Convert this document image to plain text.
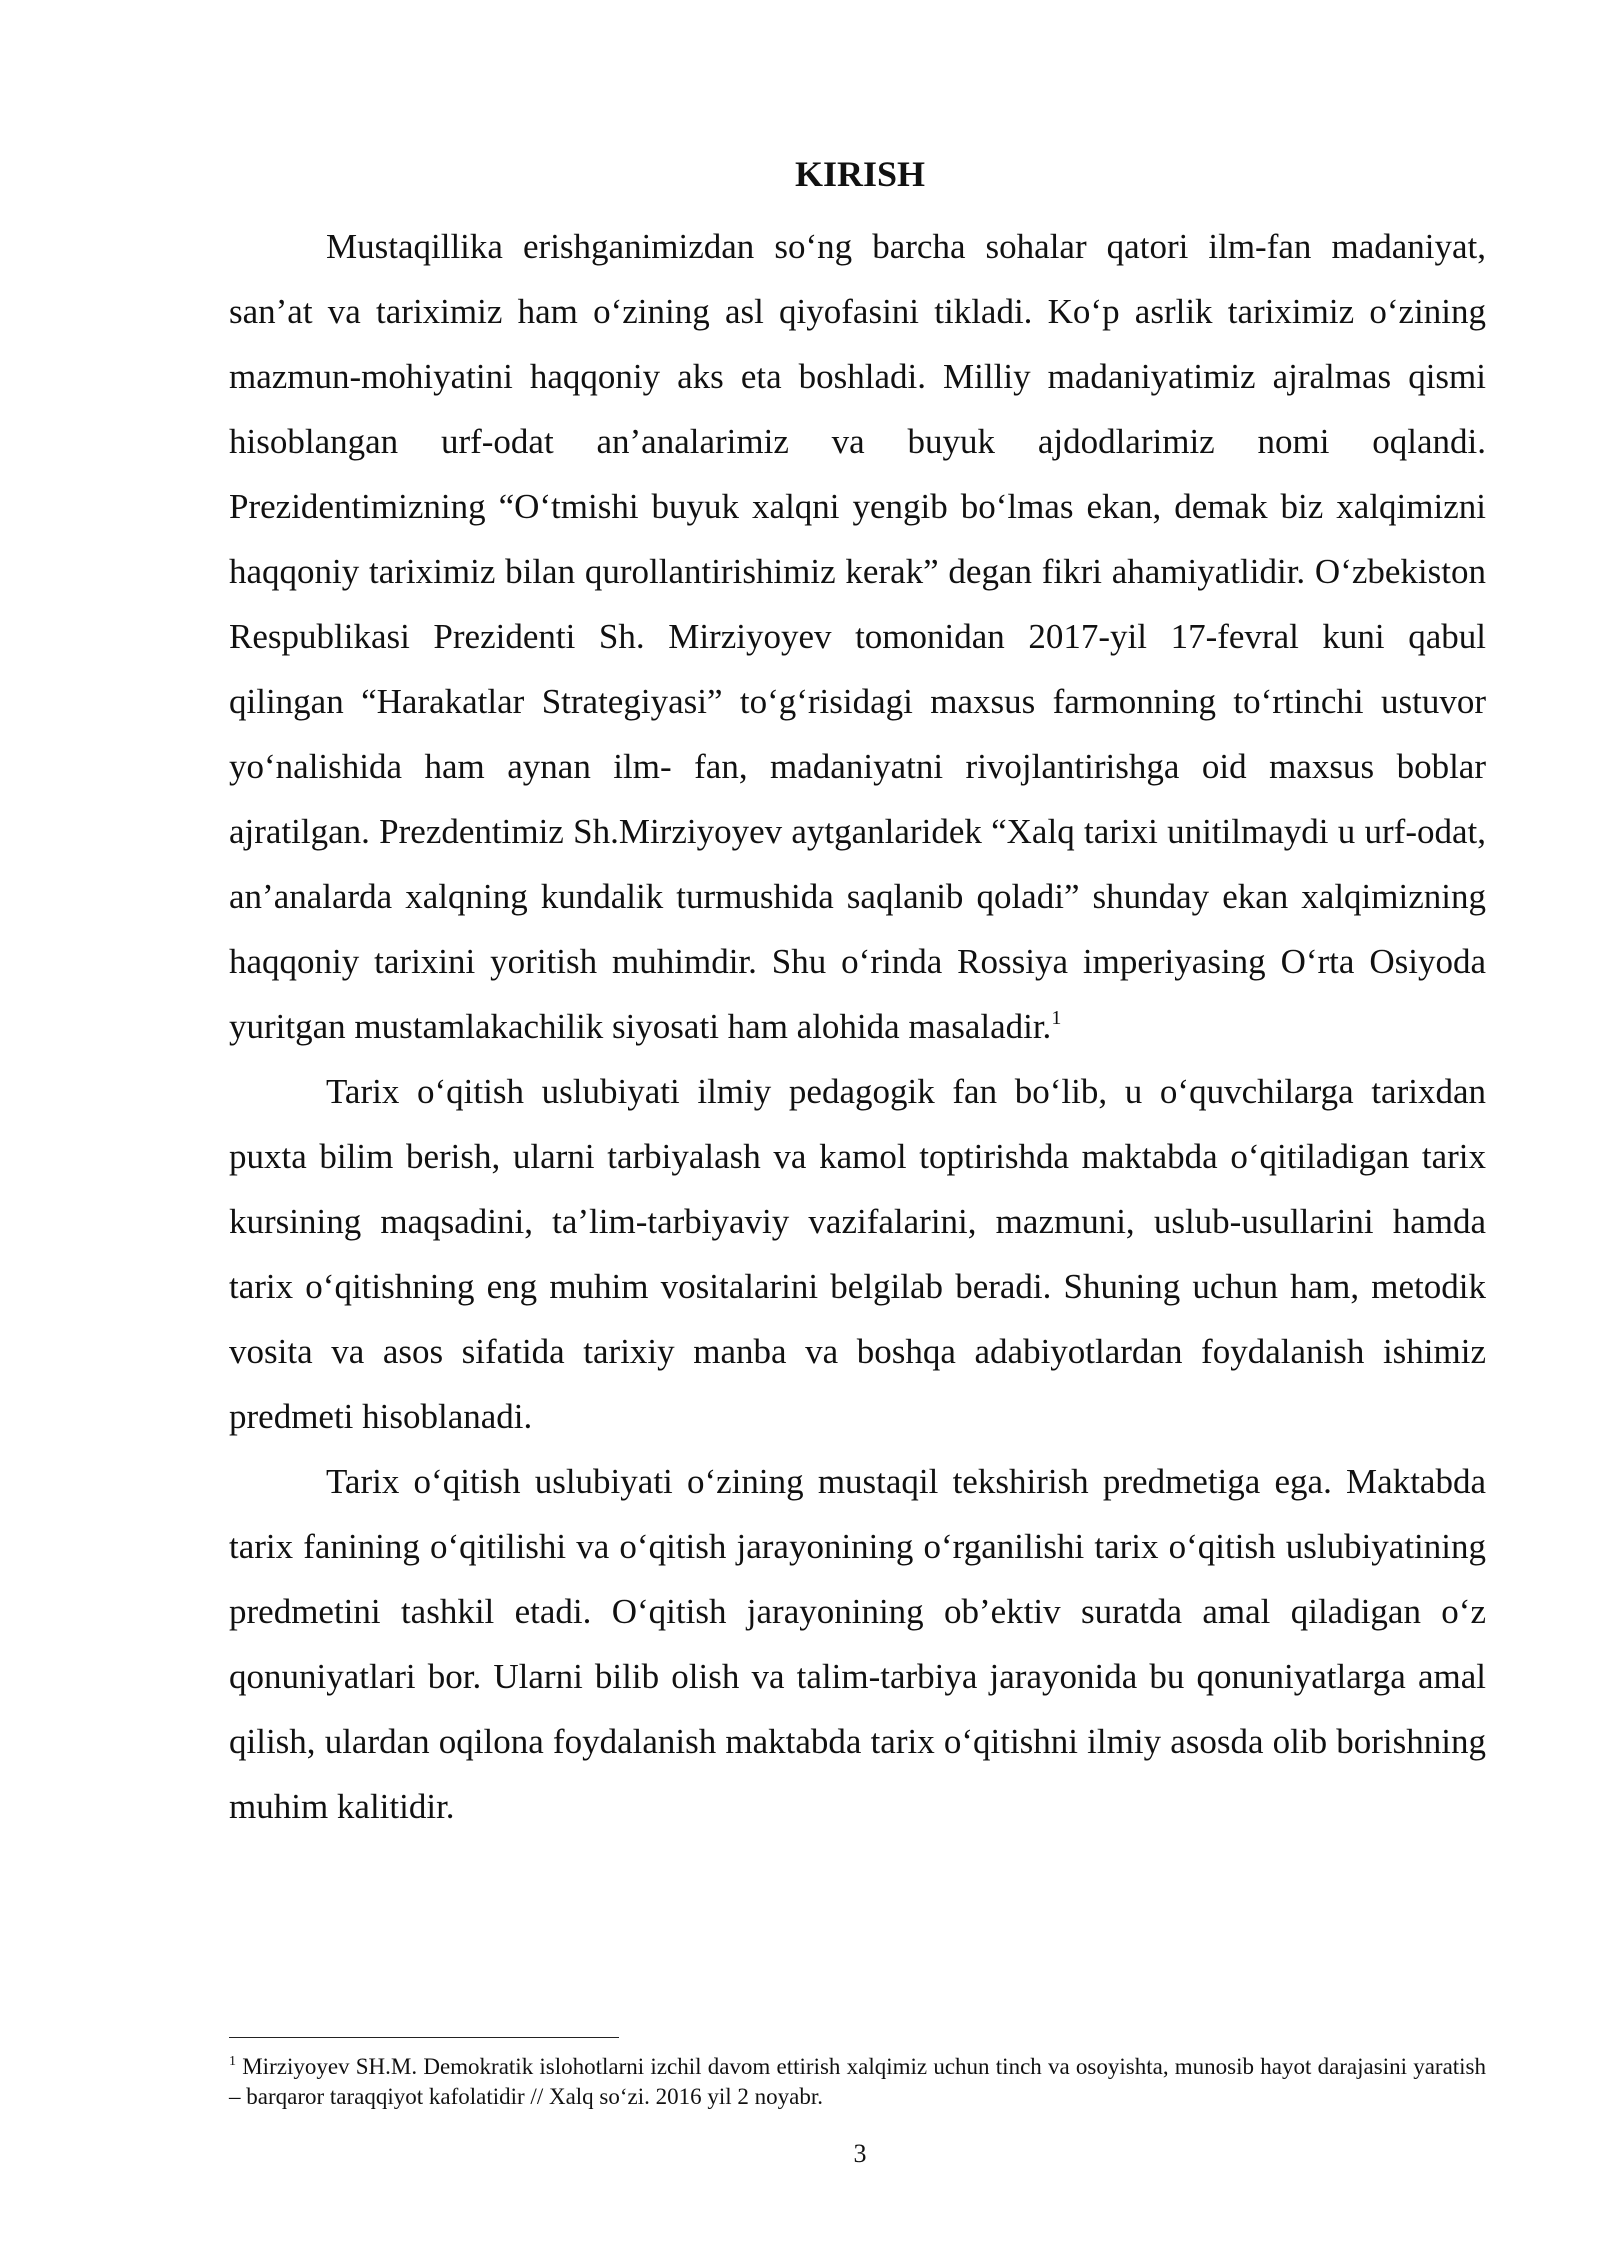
KIRISH

Mustaqillika erishganimizdan so‘ng barcha sohalar qatori ilm-fan madaniyat, san’at va tariximiz ham o‘zining asl qiyofasini tikladi. Ko‘p asrlik tariximiz o‘zining mazmun-mohiyatini haqqoniy aks eta boshladi. Milliy madaniyatimiz ajralmas qismi hisoblangan urf-odat an’analarimiz va buyuk ajdodlarimiz nomi oqlandi. Prezidentimizning “O‘tmishi buyuk xalqni yengib bo‘lmas ekan, demak biz xalqimizni haqqoniy tariximiz bilan qurollantirishimiz kerak” degan fikri ahamiyatlidir. O‘zbekiston Respublikasi Prezidenti Sh. Mirziyoyev tomonidan 2017-yil 17-fevral kuni qabul qilingan “Harakatlar Strategiyasi” to‘g‘risidagi maxsus farmonning to‘rtinchi ustuvor yo‘nalishida ham aynan ilm- fan, madaniyatni rivojlantirishga oid maxsus boblar ajratilgan. Prezdentimiz Sh.Mirziyoyev aytganlaridek “Xalq tarixi unitilmaydi u urf-odat, an’analarda xalqning kundalik turmushida saqlanib qoladi” shunday ekan xalqimizning haqqoniy tarixini yoritish muhimdir. Shu o‘rinda Rossiya imperiyasing O‘rta Osiyoda yuritgan mustamlakachilik siyosati ham alohida masaladir.$^1$

Tarix o‘qitish uslubiyati ilmiy pedagogik fan bo‘lib, u o‘quvchilarga tarixdan puxta bilim berish, ularni tarbiyalash va kamol toptirishda maktabda o‘qitiladigan tarix kursining maqsadini, ta’lim-tarbiyaviy vazifalarini, mazmuni, uslub-usullarini hamda tarix o‘qitishning eng muhim vositalarini belgilab beradi. Shuning uchun ham, metodik vosita va asos sifatida tarixiy manba va boshqa adabiyotlardan foydalanish ishimiz predmeti hisoblanadi.

Tarix o‘qitish uslubiyati o‘zining mustaqil tekshirish predmetiga ega. Maktabda tarix fanining o‘qitilishi va o‘qitish jarayonining o‘rganilishi tarix o‘qitish uslubiyatining predmetini tashkil etadi. O‘qitish jarayonining ob’ektiv suratda amal qiladigan o‘z qonuniyatlari bor. Ularni bilib olish va talim-tarbiya jarayonida bu qonuniyatlarga amal qilish, ulardan oqilona foydalanish maktabda tarix o‘qitishni ilmiy asosda olib borishning muhim kalitidir.

$^1$ Mirziyoyev SH.M. Demokratik islohotlarni izchil davom ettirish xalqimiz uchun tinch va osoyishta, munosib hayot darajasini yaratish – barqaror taraqqiyot kafolatidir // Xalq so‘zi. 2016 yil 2 noyabr.

3
